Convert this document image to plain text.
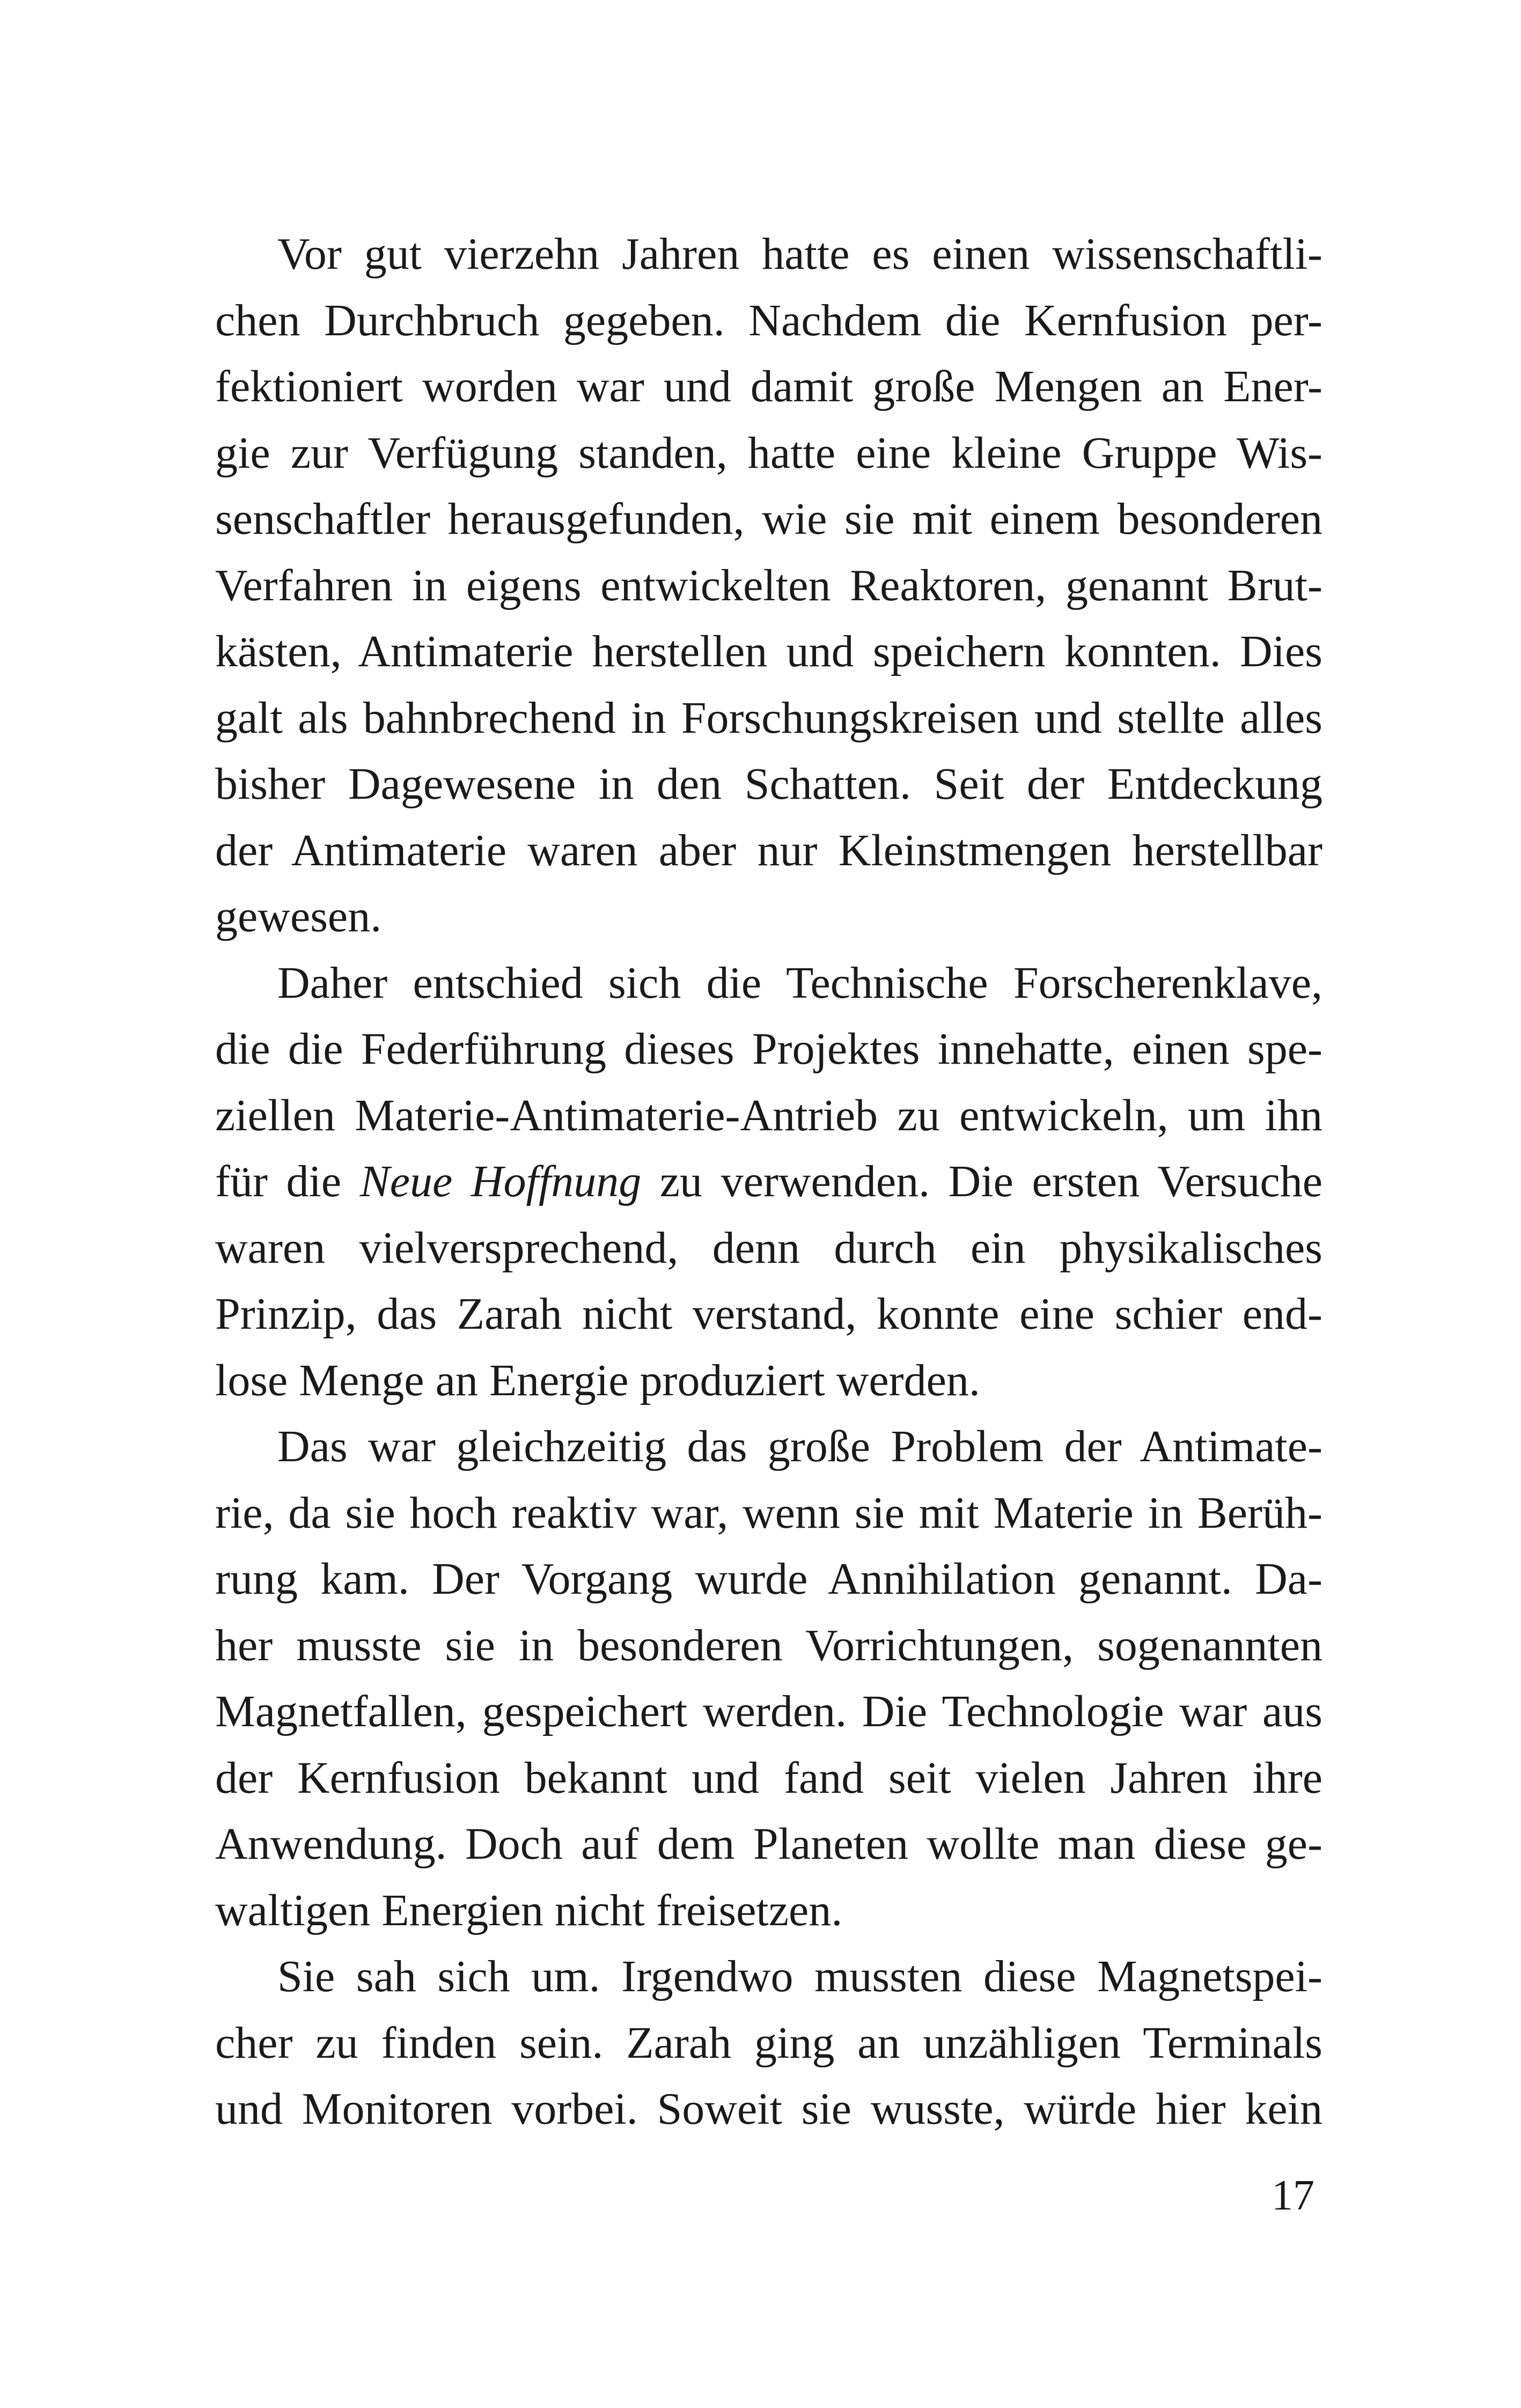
Vor gut vierzehn Jahren hatte es einen wissenschaftli-
chen Durchbruch gegeben. Nachdem die Kernfusion per-
fektioniert worden war und damit große Mengen an Ener-
gie zur Verfügung standen, hatte eine kleine Gruppe Wis-
senschaftler herausgefunden, wie sie mit einem besonderen
Verfahren in eigens entwickelten Reaktoren, genannt Brut-
kästen, Antimaterie herstellen und speichern konnten. Dies
galt als bahnbrechend in Forschungskreisen und stellte alles
bisher Dagewesene in den Schatten. Seit der Entdeckung
der Antimaterie waren aber nur Kleinstmengen herstellbar
gewesen.
Daher entschied sich die Technische Forscherenklave,
die die Federführung dieses Projektes innehatte, einen spe-
ziellen Materie-Antimaterie-Antrieb zu entwickeln, um ihn
für die Neue Hoffnung zu verwenden. Die ersten Versuche
waren vielversprechend, denn durch ein physikalisches
Prinzip, das Zarah nicht verstand, konnte eine schier end-
lose Menge an Energie produziert werden.
Das war gleichzeitig das große Problem der Antimate-
rie, da sie hoch reaktiv war, wenn sie mit Materie in Berüh-
rung kam. Der Vorgang wurde Annihilation genannt. Da-
her musste sie in besonderen Vorrichtungen, sogenannten
Magnetfallen, gespeichert werden. Die Technologie war aus
der Kernfusion bekannt und fand seit vielen Jahren ihre
Anwendung. Doch auf dem Planeten wollte man diese ge-
waltigen Energien nicht freisetzen.
Sie sah sich um. Irgendwo mussten diese Magnetspei-
cher zu finden sein. Zarah ging an unzähligen Terminals
und Monitoren vorbei. Soweit sie wusste, würde hier kein
17
